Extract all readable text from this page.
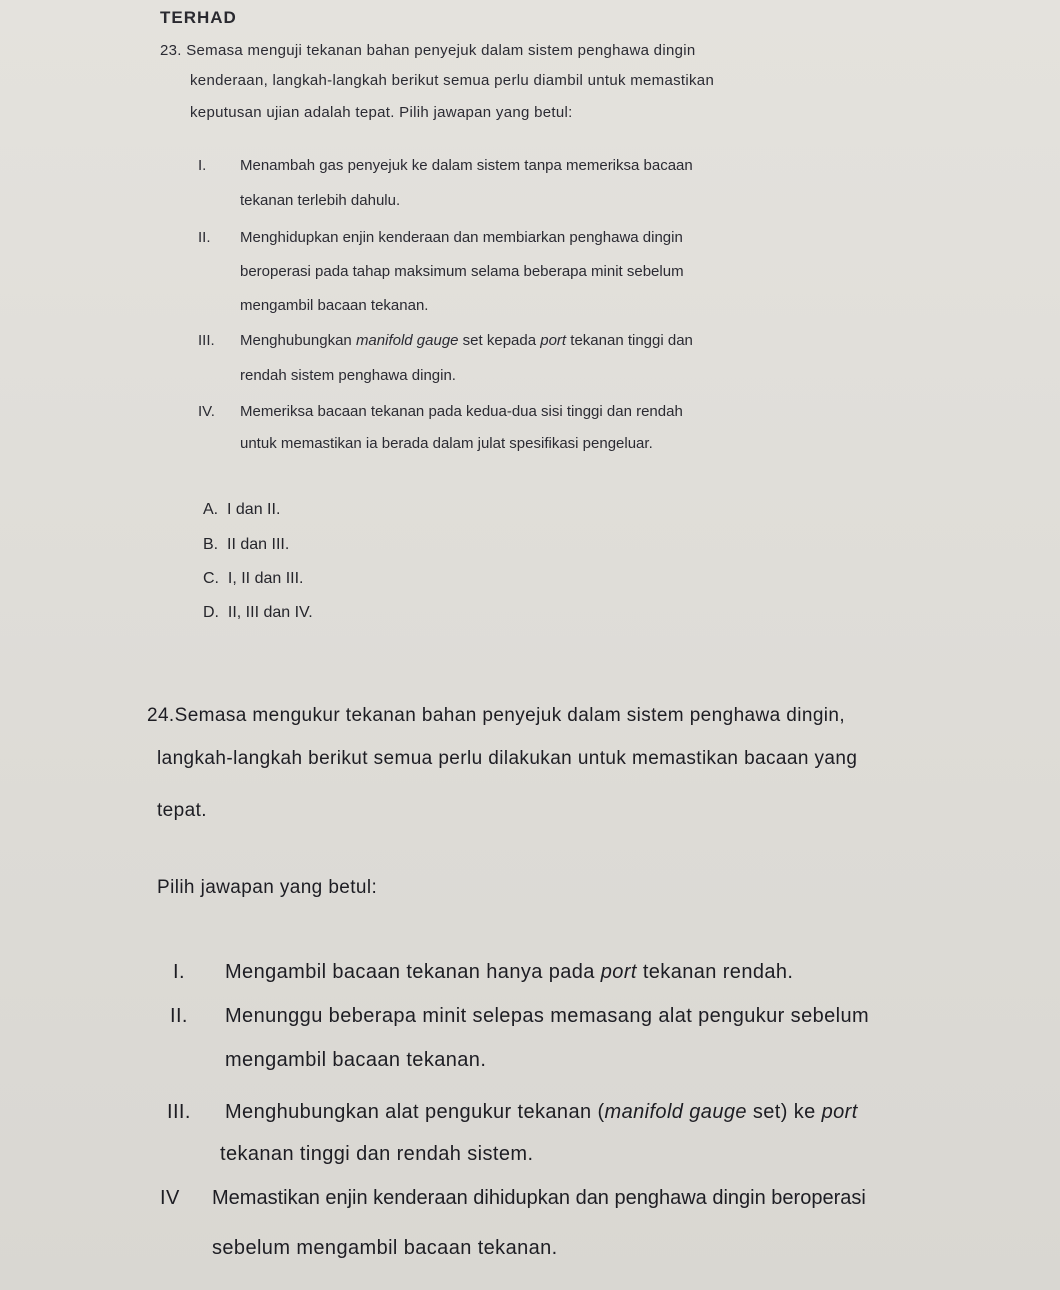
TERHAD
23. Semasa menguji tekanan bahan penyejuk dalam sistem penghawa dingin
kenderaan, langkah-langkah berikut semua perlu diambil untuk memastikan
keputusan ujian adalah tepat. Pilih jawapan yang betul:
I. Menambah gas penyejuk ke dalam sistem tanpa memeriksa bacaan
tekanan terlebih dahulu.
II. Menghidupkan enjin kenderaan dan membiarkan penghawa dingin
beroperasi pada tahap maksimum selama beberapa minit sebelum
mengambil bacaan tekanan.
III. Menghubungkan manifold gauge set kepada port tekanan tinggi dan
rendah sistem penghawa dingin.
IV. Memeriksa bacaan tekanan pada kedua-dua sisi tinggi dan rendah
untuk memastikan ia berada dalam julat spesifikasi pengeluar.
A. I dan II.
B. II dan III.
C. I, II dan III.
D. II, III dan IV.
24.Semasa mengukur tekanan bahan penyejuk dalam sistem penghawa dingin,
langkah-langkah berikut semua perlu dilakukan untuk memastikan bacaan yang
tepat.
Pilih jawapan yang betul:
I. Mengambil bacaan tekanan hanya pada port tekanan rendah.
II. Menunggu beberapa minit selepas memasang alat pengukur sebelum
mengambil bacaan tekanan.
III. Menghubungkan alat pengukur tekanan (manifold gauge set) ke port
tekanan tinggi dan rendah sistem.
IV Memastikan enjin kenderaan dihidupkan dan penghawa dingin beroperasi
sebelum mengambil bacaan tekanan.
